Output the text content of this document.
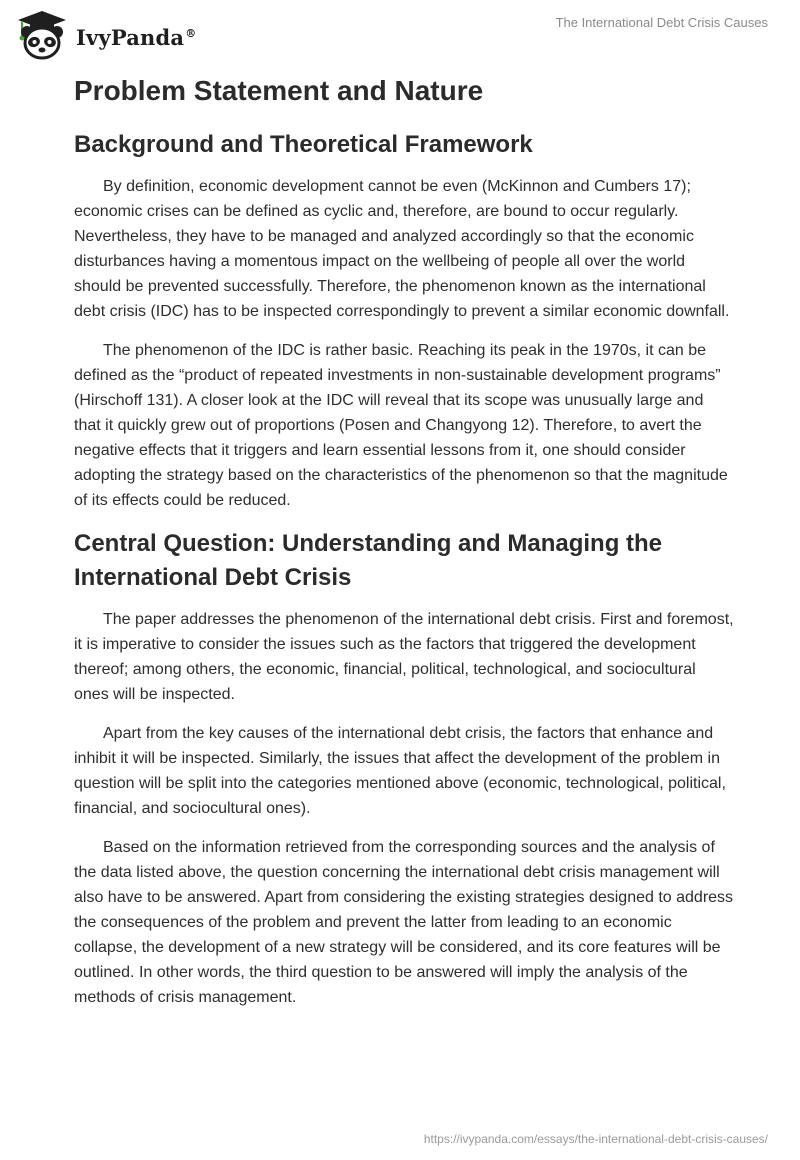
IvyPanda®
The International Debt Crisis Causes
Problem Statement and Nature
Background and Theoretical Framework

By definition, economic development cannot be even (McKinnon and Cumbers 17); economic crises can be defined as cyclic and, therefore, are bound to occur regularly. Nevertheless, they have to be managed and analyzed accordingly so that the economic disturbances having a momentous impact on the wellbeing of people all over the world should be prevented successfully. Therefore, the phenomenon known as the international debt crisis (IDC) has to be inspected correspondingly to prevent a similar economic downfall.

The phenomenon of the IDC is rather basic. Reaching its peak in the 1970s, it can be defined as the “product of repeated investments in non-sustainable development programs” (Hirschoff 131). A closer look at the IDC will reveal that its scope was unusually large and that it quickly grew out of proportions (Posen and Changyong 12). Therefore, to avert the negative effects that it triggers and learn essential lessons from it, one should consider adopting the strategy based on the characteristics of the phenomenon so that the magnitude of its effects could be reduced.

Central Question: Understanding and Managing the International Debt Crisis

The paper addresses the phenomenon of the international debt crisis. First and foremost, it is imperative to consider the issues such as the factors that triggered the development thereof; among others, the economic, financial, political, technological, and sociocultural ones will be inspected.

Apart from the key causes of the international debt crisis, the factors that enhance and inhibit it will be inspected. Similarly, the issues that affect the development of the problem in question will be split into the categories mentioned above (economic, technological, political, financial, and sociocultural ones).

Based on the information retrieved from the corresponding sources and the analysis of the data listed above, the question concerning the international debt crisis management will also have to be answered. Apart from considering the existing strategies designed to address the consequences of the problem and prevent the latter from leading to an economic collapse, the development of a new strategy will be considered, and its core features will be outlined. In other words, the third question to be answered will imply the analysis of the methods of crisis management.

https://ivypanda.com/essays/the-international-debt-crisis-causes/
